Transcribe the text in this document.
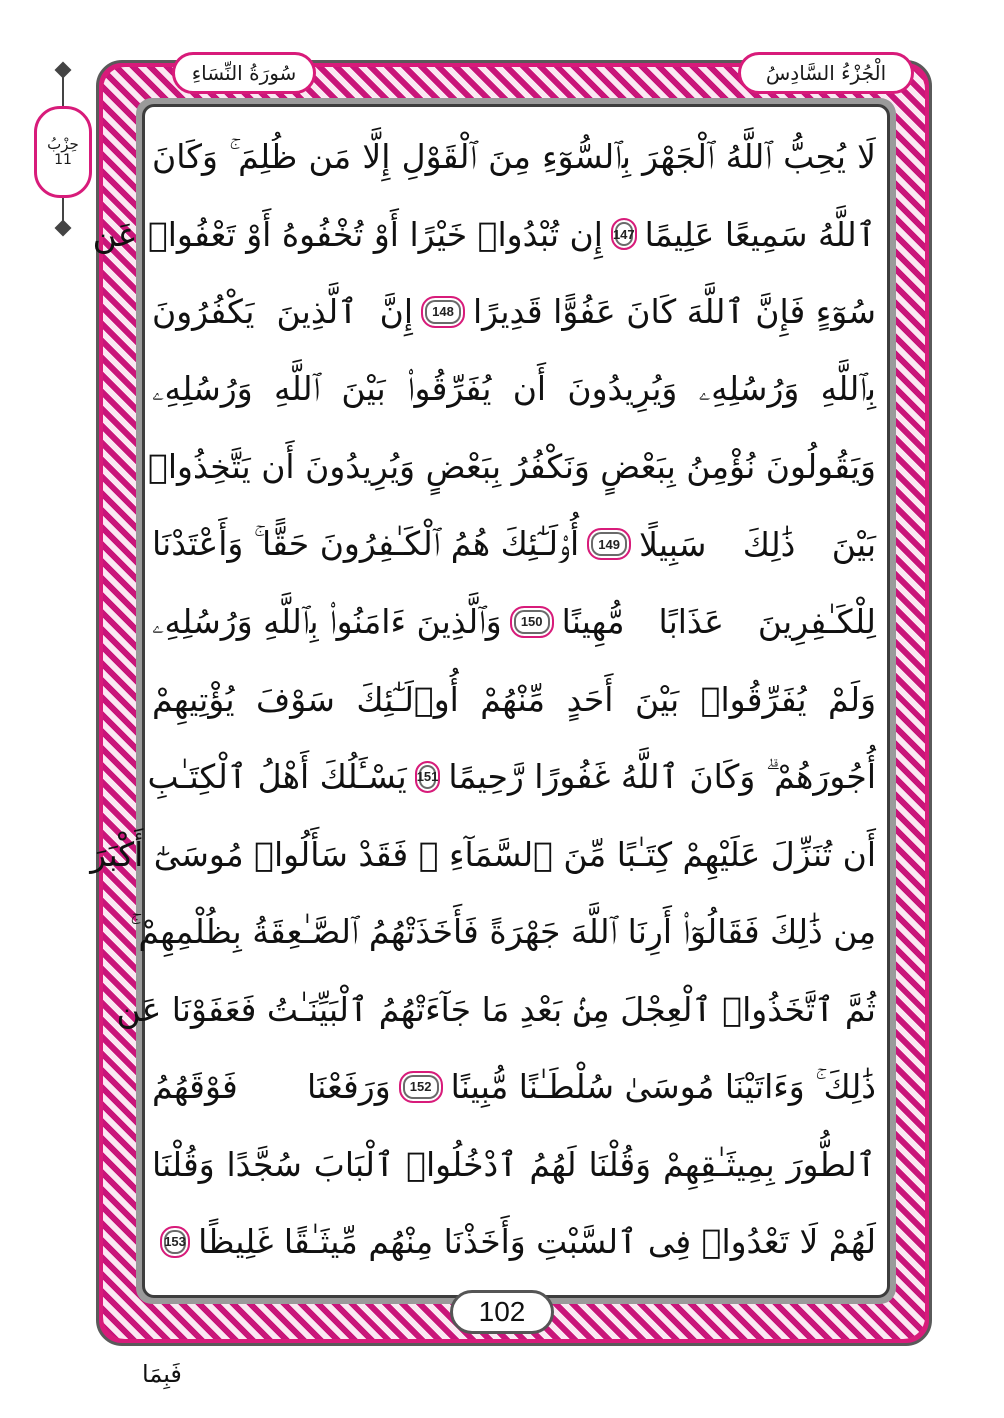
الْجُزْءُ السَّادِسُ
سُورَةُ النِّسَاءِ
حِزْبُ
11 لَا يُحِبُّ ٱللَّهُ ٱلْجَهْرَ بِٱلسُّوٓءِ مِنَ ٱلْقَوْلِ إِلَّا مَن ظُلِمَ ۚ وَكَانَ
ٱللَّهُ سَمِيعًا عَلِيمًا
147
إِن تُبْدُوا۟ خَيْرًا أَوْ تُخْفُوهُ أَوْ تَعْفُوا۟ عَن
سُوٓءٍ فَإِنَّ ٱللَّهَ كَانَ عَفُوًّا قَدِيرًا
148
إِنَّ ٱلَّذِينَ يَكْفُرُونَ
بِٱللَّهِ وَرُسُلِهِۦ وَيُرِيدُونَ أَن يُفَرِّقُوا۟ بَيْنَ ٱللَّهِ وَرُسُلِهِۦ
وَيَقُولُونَ نُؤْمِنُ بِبَعْضٍ وَنَكْفُرُ بِبَعْضٍ وَيُرِيدُونَ أَن يَتَّخِذُوا۟
بَيْنَ ذَٰلِكَ سَبِيلًا
149
أُو۟لَـٰٓئِكَ هُمُ ٱلْكَـٰفِرُونَ حَقًّا ۚ وَأَعْتَدْنَا
لِلْكَـٰفِرِينَ عَذَابًا مُّهِينًا
150
وَٱلَّذِينَ ءَامَنُوا۟ بِٱللَّهِ وَرُسُلِهِۦ
وَلَمْ يُفَرِّقُوا۟ بَيْنَ أَحَدٍ مِّنْهُمْ أُو۟لَـٰٓئِكَ سَوْفَ يُؤْتِيهِمْ
أُجُورَهُمْ ۗ وَكَانَ ٱللَّهُ غَفُورًا رَّحِيمًا
151
يَسْـَٔلُكَ أَهْلُ ٱلْكِتَـٰبِ
أَن تُنَزِّلَ عَلَيْهِمْ كِتَـٰبًا مِّنَ ٱلسَّمَآءِ ۚ فَقَدْ سَأَلُوا۟ مُوسَىٰٓ أَكْبَرَ
مِن ذَٰلِكَ فَقَالُوٓا۟ أَرِنَا ٱللَّهَ جَهْرَةً فَأَخَذَتْهُمُ ٱلصَّـٰعِقَةُ بِظُلْمِهِمْ ۚ
ثُمَّ ٱتَّخَذُوا۟ ٱلْعِجْلَ مِنۢ بَعْدِ مَا جَآءَتْهُمُ ٱلْبَيِّنَـٰتُ فَعَفَوْنَا عَن
ذَٰلِكَ ۚ وَءَاتَيْنَا مُوسَىٰ سُلْطَـٰنًا مُّبِينًا
152
وَرَفَعْنَا فَوْقَهُمُ
ٱلطُّورَ بِمِيثَـٰقِهِمْ وَقُلْنَا لَهُمُ ٱدْخُلُوا۟ ٱلْبَابَ سُجَّدًا وَقُلْنَا
لَهُمْ لَا تَعْدُوا۟ فِى ٱلسَّبْتِ وَأَخَذْنَا مِنْهُم مِّيثَـٰقًا غَلِيظًا
153
102
فَبِمَا
